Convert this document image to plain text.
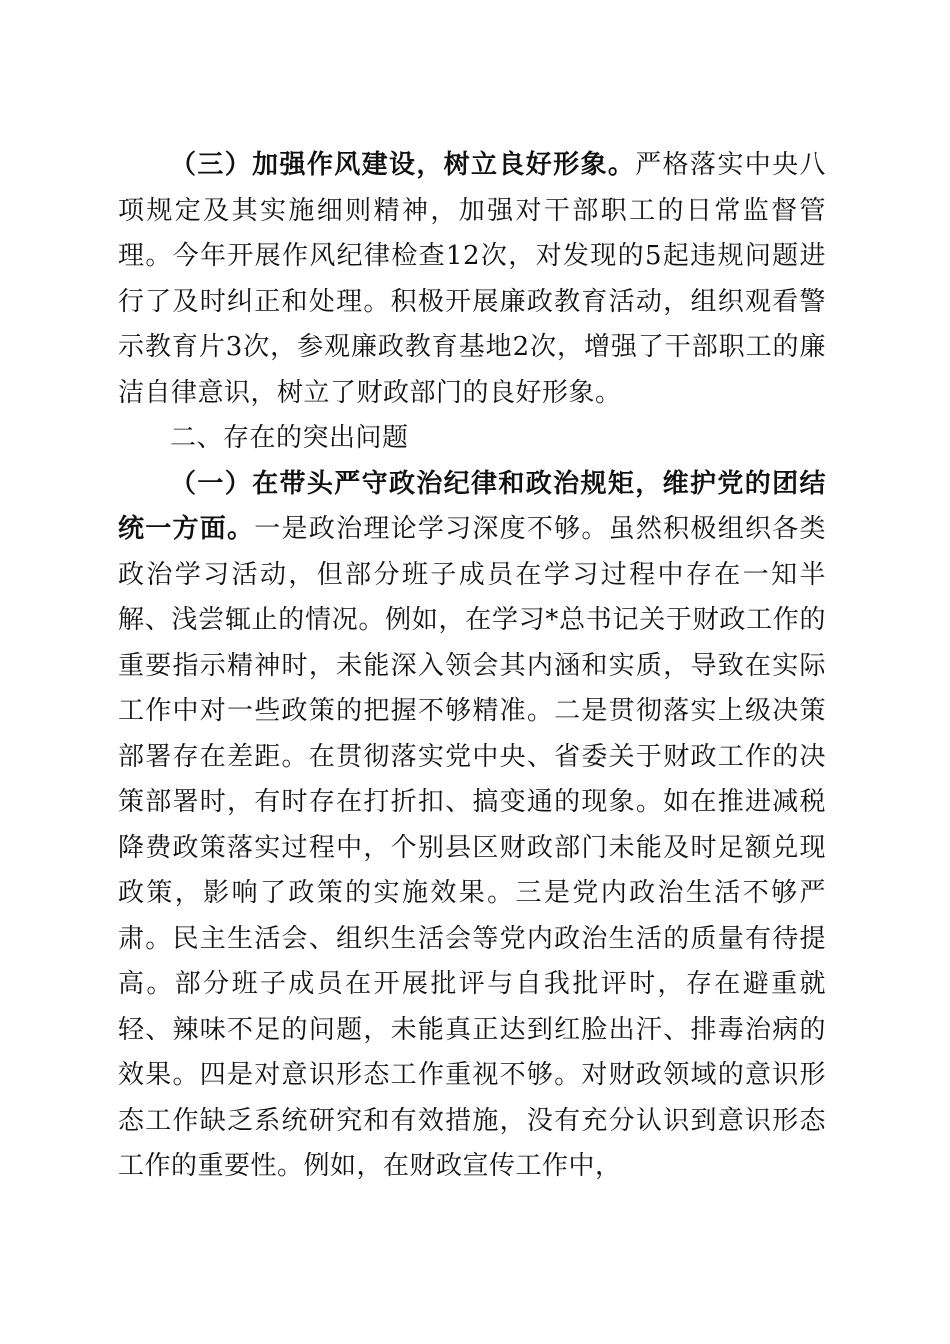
（三）加强作风建设，树立良好形象。严格落实中央八项规定及其实施细则精神，加强对干部职工的日常监督管理。今年开展作风纪律检查12次，对发现的5起违规问题进行了及时纠正和处理。积极开展廉政教育活动，组织观看警示教育片3次，参观廉政教育基地2次，增强了干部职工的廉洁自律意识，树立了财政部门的良好形象。

二、存在的突出问题

（一）在带头严守政治纪律和政治规矩，维护党的团结统一方面。一是政治理论学习深度不够。虽然积极组织各类政治学习活动，但部分班子成员在学习过程中存在一知半解、浅尝辄止的情况。例如，在学习*总书记关于财政工作的重要指示精神时，未能深入领会其内涵和实质，导致在实际工作中对一些政策的把握不够精准。二是贯彻落实上级决策部署存在差距。在贯彻落实党中央、省委关于财政工作的决策部署时，有时存在打折扣、搞变通的现象。如在推进减税降费政策落实过程中，个别县区财政部门未能及时足额兑现政策，影响了政策的实施效果。三是党内政治生活不够严肃。民主生活会、组织生活会等党内政治生活的质量有待提高。部分班子成员在开展批评与自我批评时，存在避重就轻、辣味不足的问题，未能真正达到红脸出汗、排毒治病的效果。四是对意识形态工作重视不够。对财政领域的意识形态工作缺乏系统研究和有效措施，没有充分认识到意识形态工作的重要性。例如，在财政宣传工作中，
